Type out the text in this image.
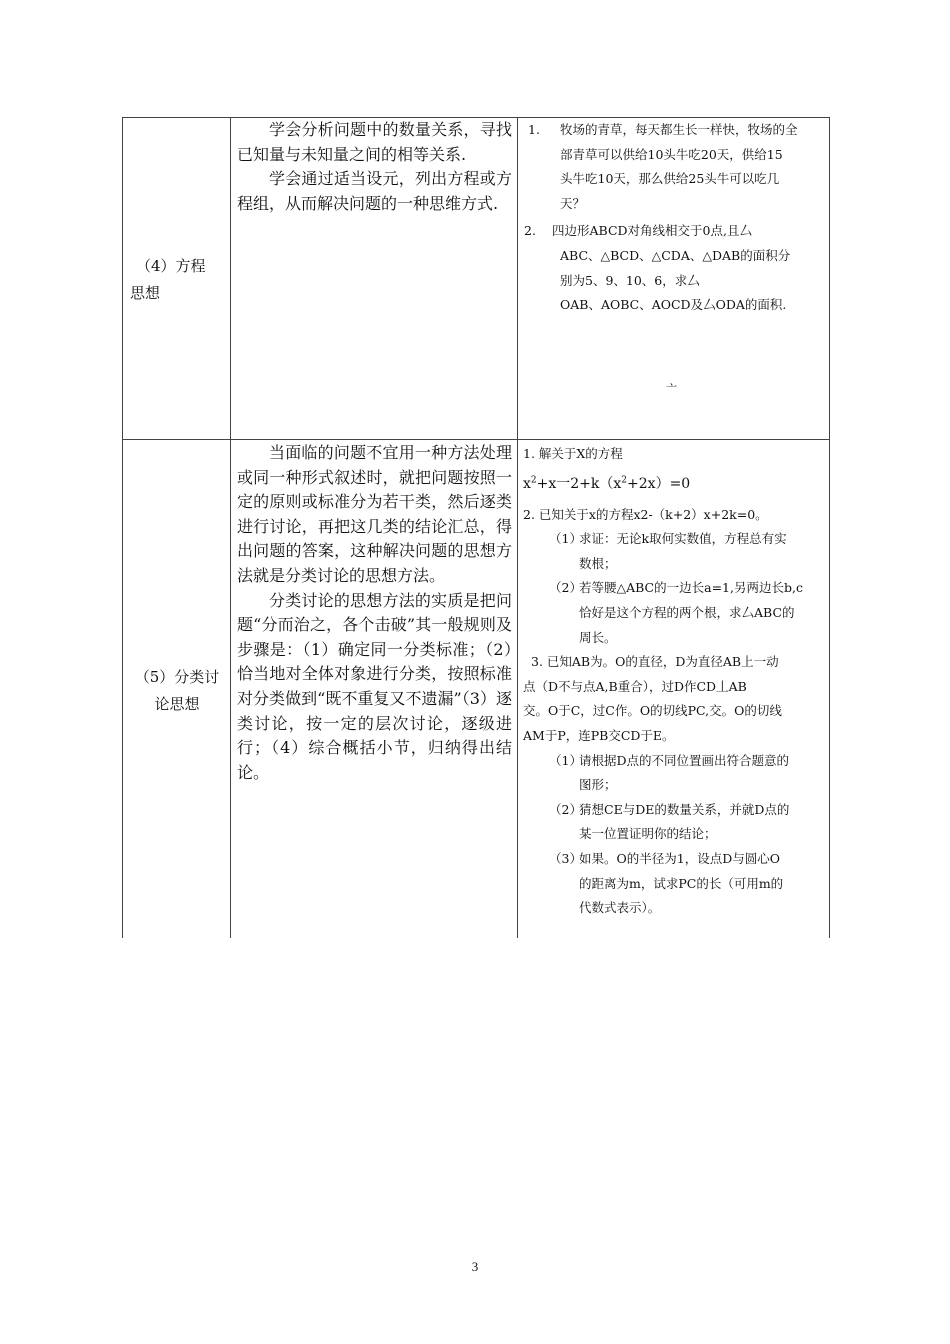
（4）方程
思想

学会分析问题中的数量关系，寻找已知量与未知量之间的相等关系.

学会通过适当设元，列出方程或方程组，从而解决问题的一种思维方式.

1. 牧场的青草，每天都生长一样快，牧场的全
部青草可以供给10头牛吃20天，供给15
头牛吃10天，那么供给25头牛可以吃几
天？
2. 四边形ABCD对角线相交于0点,且厶
ABC、△BCD、△CDA、△DAB的面积分
别为5、9、10、6，求厶
OAB、AOBC、AOCD及厶ODA的面积.
亠
（5）分类讨
论思想

当面临的问题不宜用一种方法处理或同一种形式叙述时，就把问题按照一定的原则或标准分为若干类，然后逐类进行讨论，再把这几类的结论汇总，得出问题的答案，这种解决问题的思想方法就是分类讨论的思想方法。

分类讨论的思想方法的实质是把问题“分而治之，各个击破”其一般规则及步骤是：（1）确定同一分类标准；（2）恰当地对全体对象进行分类，按照标准对分类做到“既不重复又不遗漏”（3）逐类讨论，按一定的层次讨论，逐级进行；（4）综合概括小节，归纳得出结论。

1. 解关于X的方程
$x^2+x$一$2+k(x^2+2x)=0$
2. 已知关于x的方程x2-（k+2）x+2k=0。
（1）
求证：无论k取何实数值，方程总有实
数根；
（2）
若等腰△ABC的一边长a=1,另两边长b,c
恰好是这个方程的两个根，求厶ABC的
周长。
3. 已知AB为。O的直径，D为直径AB上一动
点（D不与点A,B重合），过D作CD丄AB
交。O于C，过C作。O的切线PC,交。O的切线
AM于P，连PB交CD于E。
（1）
请根据D点的不同位置画出符合题意的
图形；
（2）
猜想CE与DE的数量关系，并就D点的
某一位置证明你的结论；
（3）
如果。O的半径为1，设点D与圆心O
的距离为m，试求PC的长（可用m的
代数式表示）。
3
